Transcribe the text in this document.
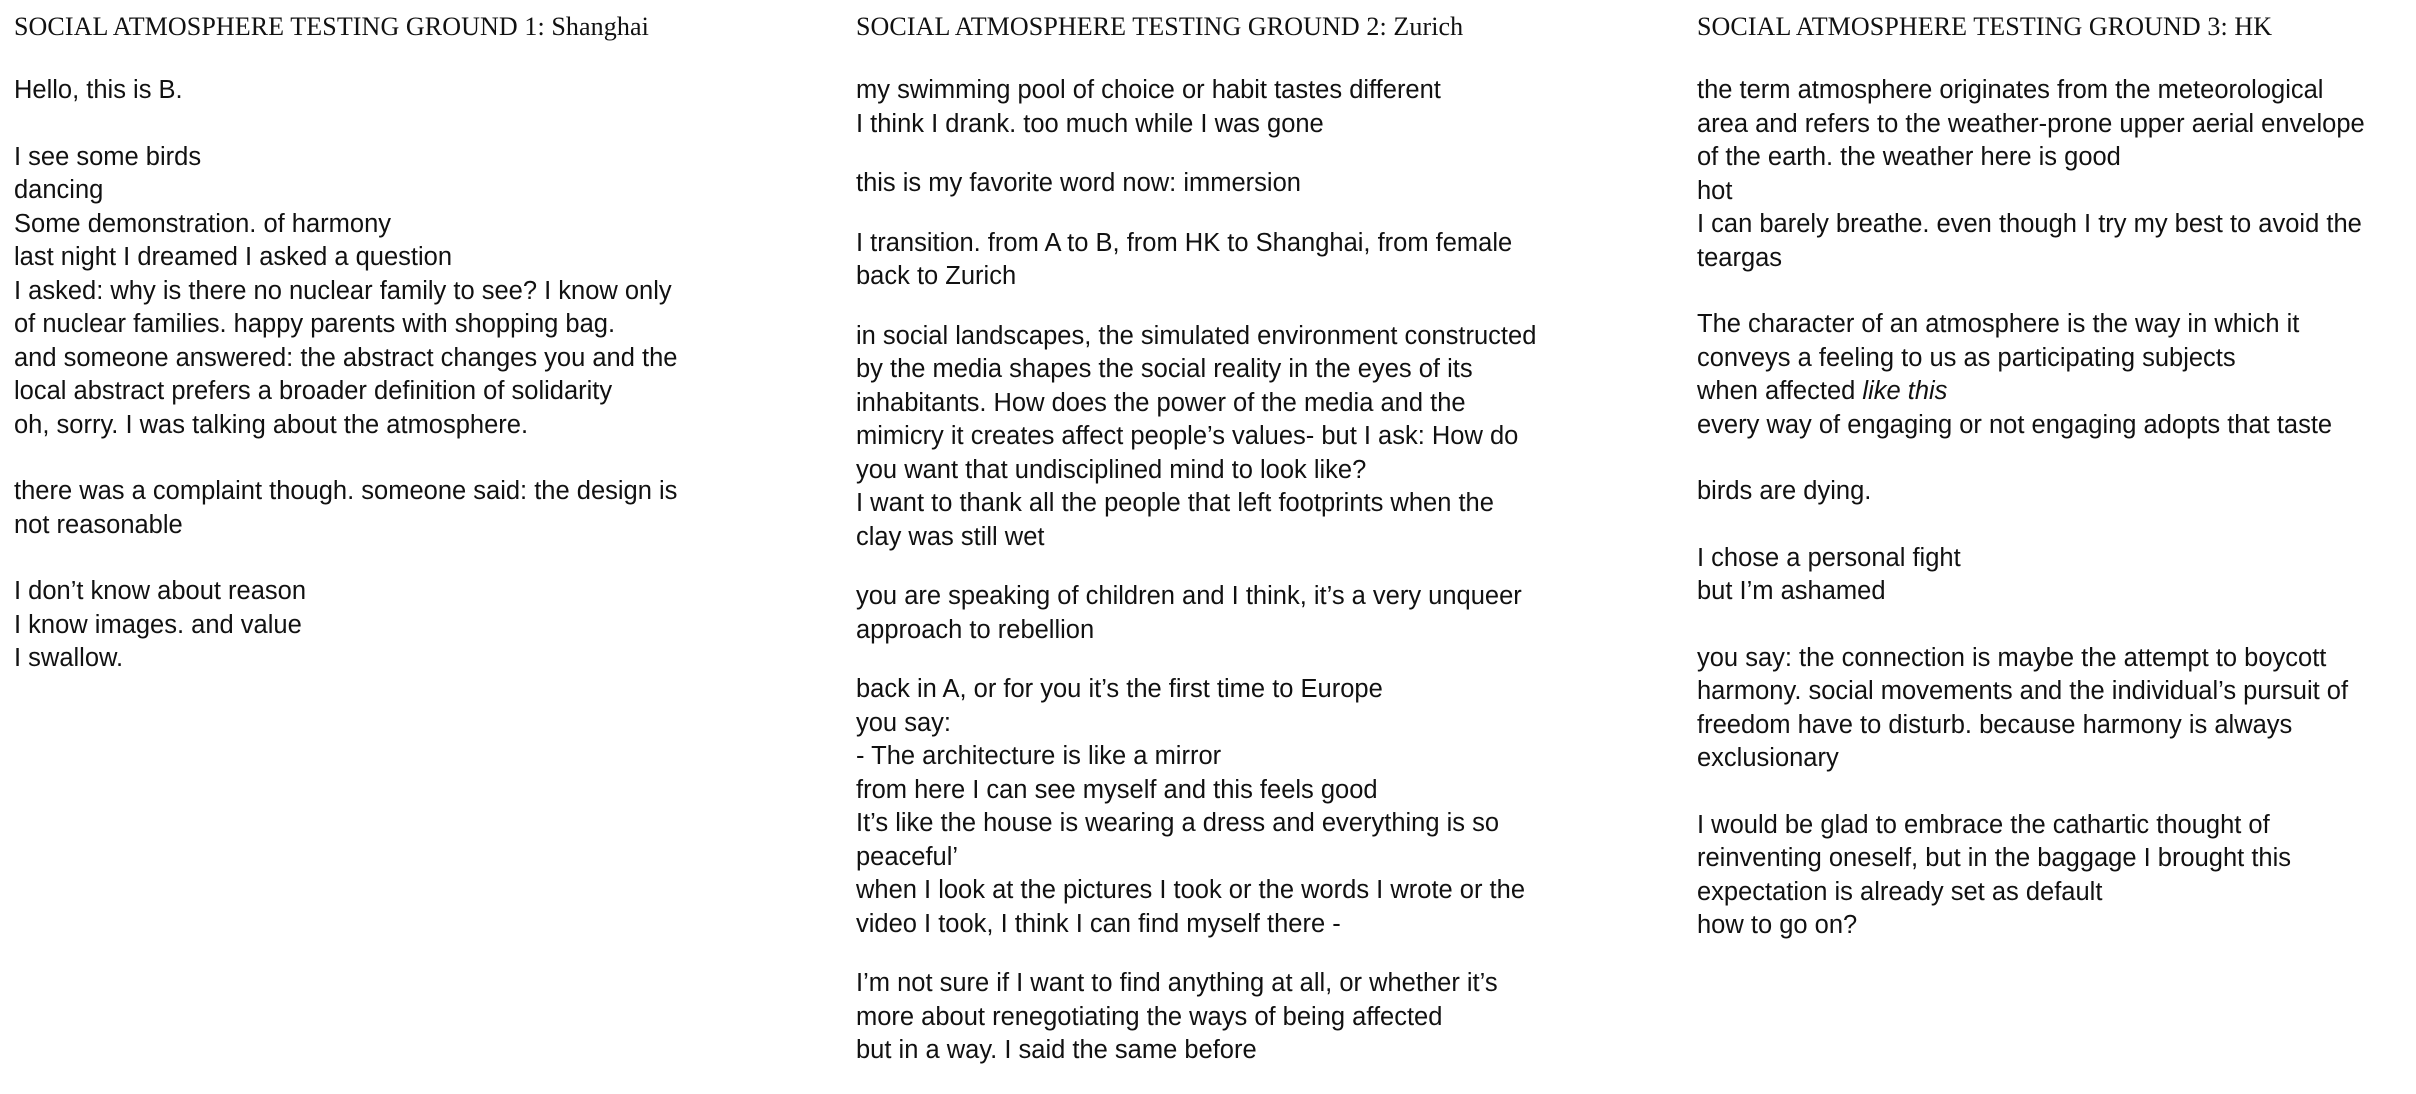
SOCIAL ATMOSPHERE TESTING GROUND 1: Shanghai
Hello, this is B.
I see some birds
dancing
Some demonstration. of harmony
last night I dreamed I asked a question
I asked: why is there no nuclear family to see? I know only
of nuclear families. happy parents with shopping bag.
and someone answered: the abstract changes you and the
local abstract prefers a broader definition of solidarity
oh, sorry. I was talking about the atmosphere.
there was a complaint though. someone said: the design is
not reasonable
I don’t know about reason
I know images. and value
I swallow.
SOCIAL ATMOSPHERE TESTING GROUND 2: Zurich
my swimming pool of choice or habit tastes different
I think I drank. too much while I was gone
this is my favorite word now: immersion
I transition. from A to B, from HK to Shanghai, from female
back to Zurich
in social landscapes, the simulated environment constructed
by the media shapes the social reality in the eyes of its
inhabitants. How does the power of the media and the
mimicry it creates affect people’s values- but I ask: How do
you want that undisciplined mind to look like?
I want to thank all the people that left footprints when the
clay was still wet
you are speaking of children and I think, it’s a very unqueer
approach to rebellion
back in A, or for you it’s the first time to Europe
you say:
- The architecture is like a mirror
from here I can see myself and this feels good
It’s like the house is wearing a dress and everything is so
peaceful’
when I look at the pictures I took or the words I wrote or the
video I took, I think I can find myself there -
I’m not sure if I want to find anything at all, or whether it’s
more about renegotiating the ways of being affected
but in a way. I said the same before
SOCIAL ATMOSPHERE TESTING GROUND 3: HK
the term atmosphere originates from the meteorological
area and refers to the weather-prone upper aerial envelope
of the earth. the weather here is good
hot
I can barely breathe. even though I try my best to avoid the
teargas
The character of an atmosphere is the way in which it
conveys a feeling to us as participating subjects
when affected like this
every way of engaging or not engaging adopts that taste
birds are dying.
I chose a personal fight
but I’m ashamed
you say: the connection is maybe the attempt to boycott
harmony. social movements and the individual’s pursuit of
freedom have to disturb. because harmony is always
exclusionary
I would be glad to embrace the cathartic thought of
reinventing oneself, but in the baggage I brought this
expectation is already set as default
how to go on?
